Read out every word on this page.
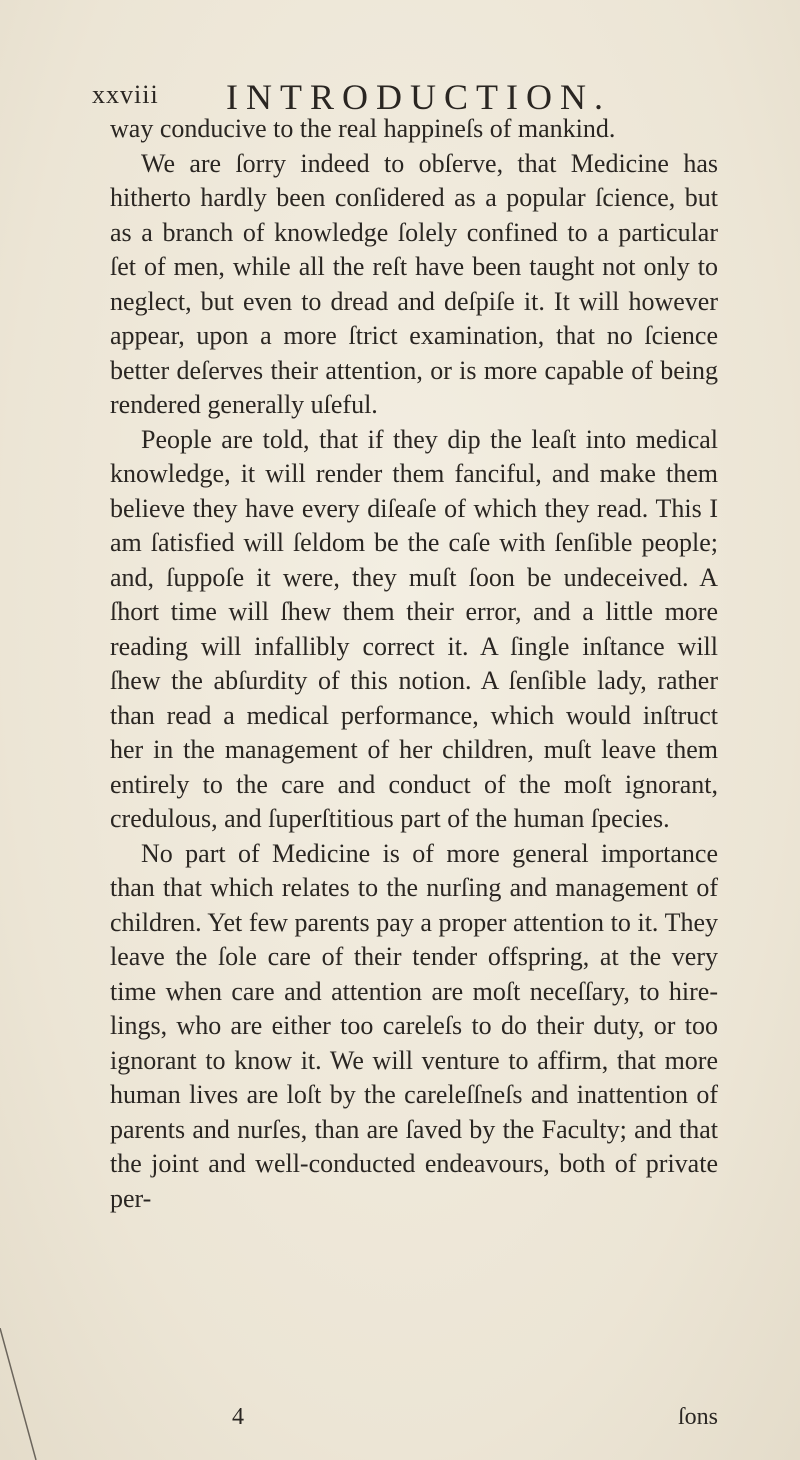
xxviii INTRODUCTION.

way conducive to the real happineſs of mankind.

We are ſorry indeed to obſerve, that Medicine has hitherto hardly been conſidered as a popular ſcience, but as a branch of knowledge ſolely confined to a particular ſet of men, while all the reſt have been taught not only to neglect, but even to dread and deſpiſe it. It will however appear, upon a more ſtrict examination, that no ſcience better deſerves their attention, or is more capable of being rendered generally uſeful.

People are told, that if they dip the leaſt into medical knowledge, it will render them fanciful, and make them believe they have every diſeaſe of which they read. This I am ſatisfied will ſeldom be the caſe with ſenſible people; and, ſuppoſe it were, they muſt ſoon be undeceived. A ſhort time will ſhew them their error, and a little more reading will infallibly correct it. A ſingle inſtance will ſhew the abſurdity of this notion. A ſenſible lady, rather than read a medical performance, which would inſtruct her in the management of her children, muſt leave them entirely to the care and conduct of the moſt ignorant, credulous, and ſuperſtitious part of the human ſpecies.

No part of Medicine is of more general importance than that which relates to the nurſing and management of children. Yet few parents pay a proper attention to it. They leave the ſole care of their tender offspring, at the very time when care and attention are moſt neceſſary, to hirelings, who are either too careleſs to do their duty, or too ignorant to know it. We will venture to affirm, that more human lives are loſt by the careleſſneſs and inattention of parents and nurſes, than are ſaved by the Faculty; and that the joint and well-conducted endeavours, both of private per-

4	ſons
